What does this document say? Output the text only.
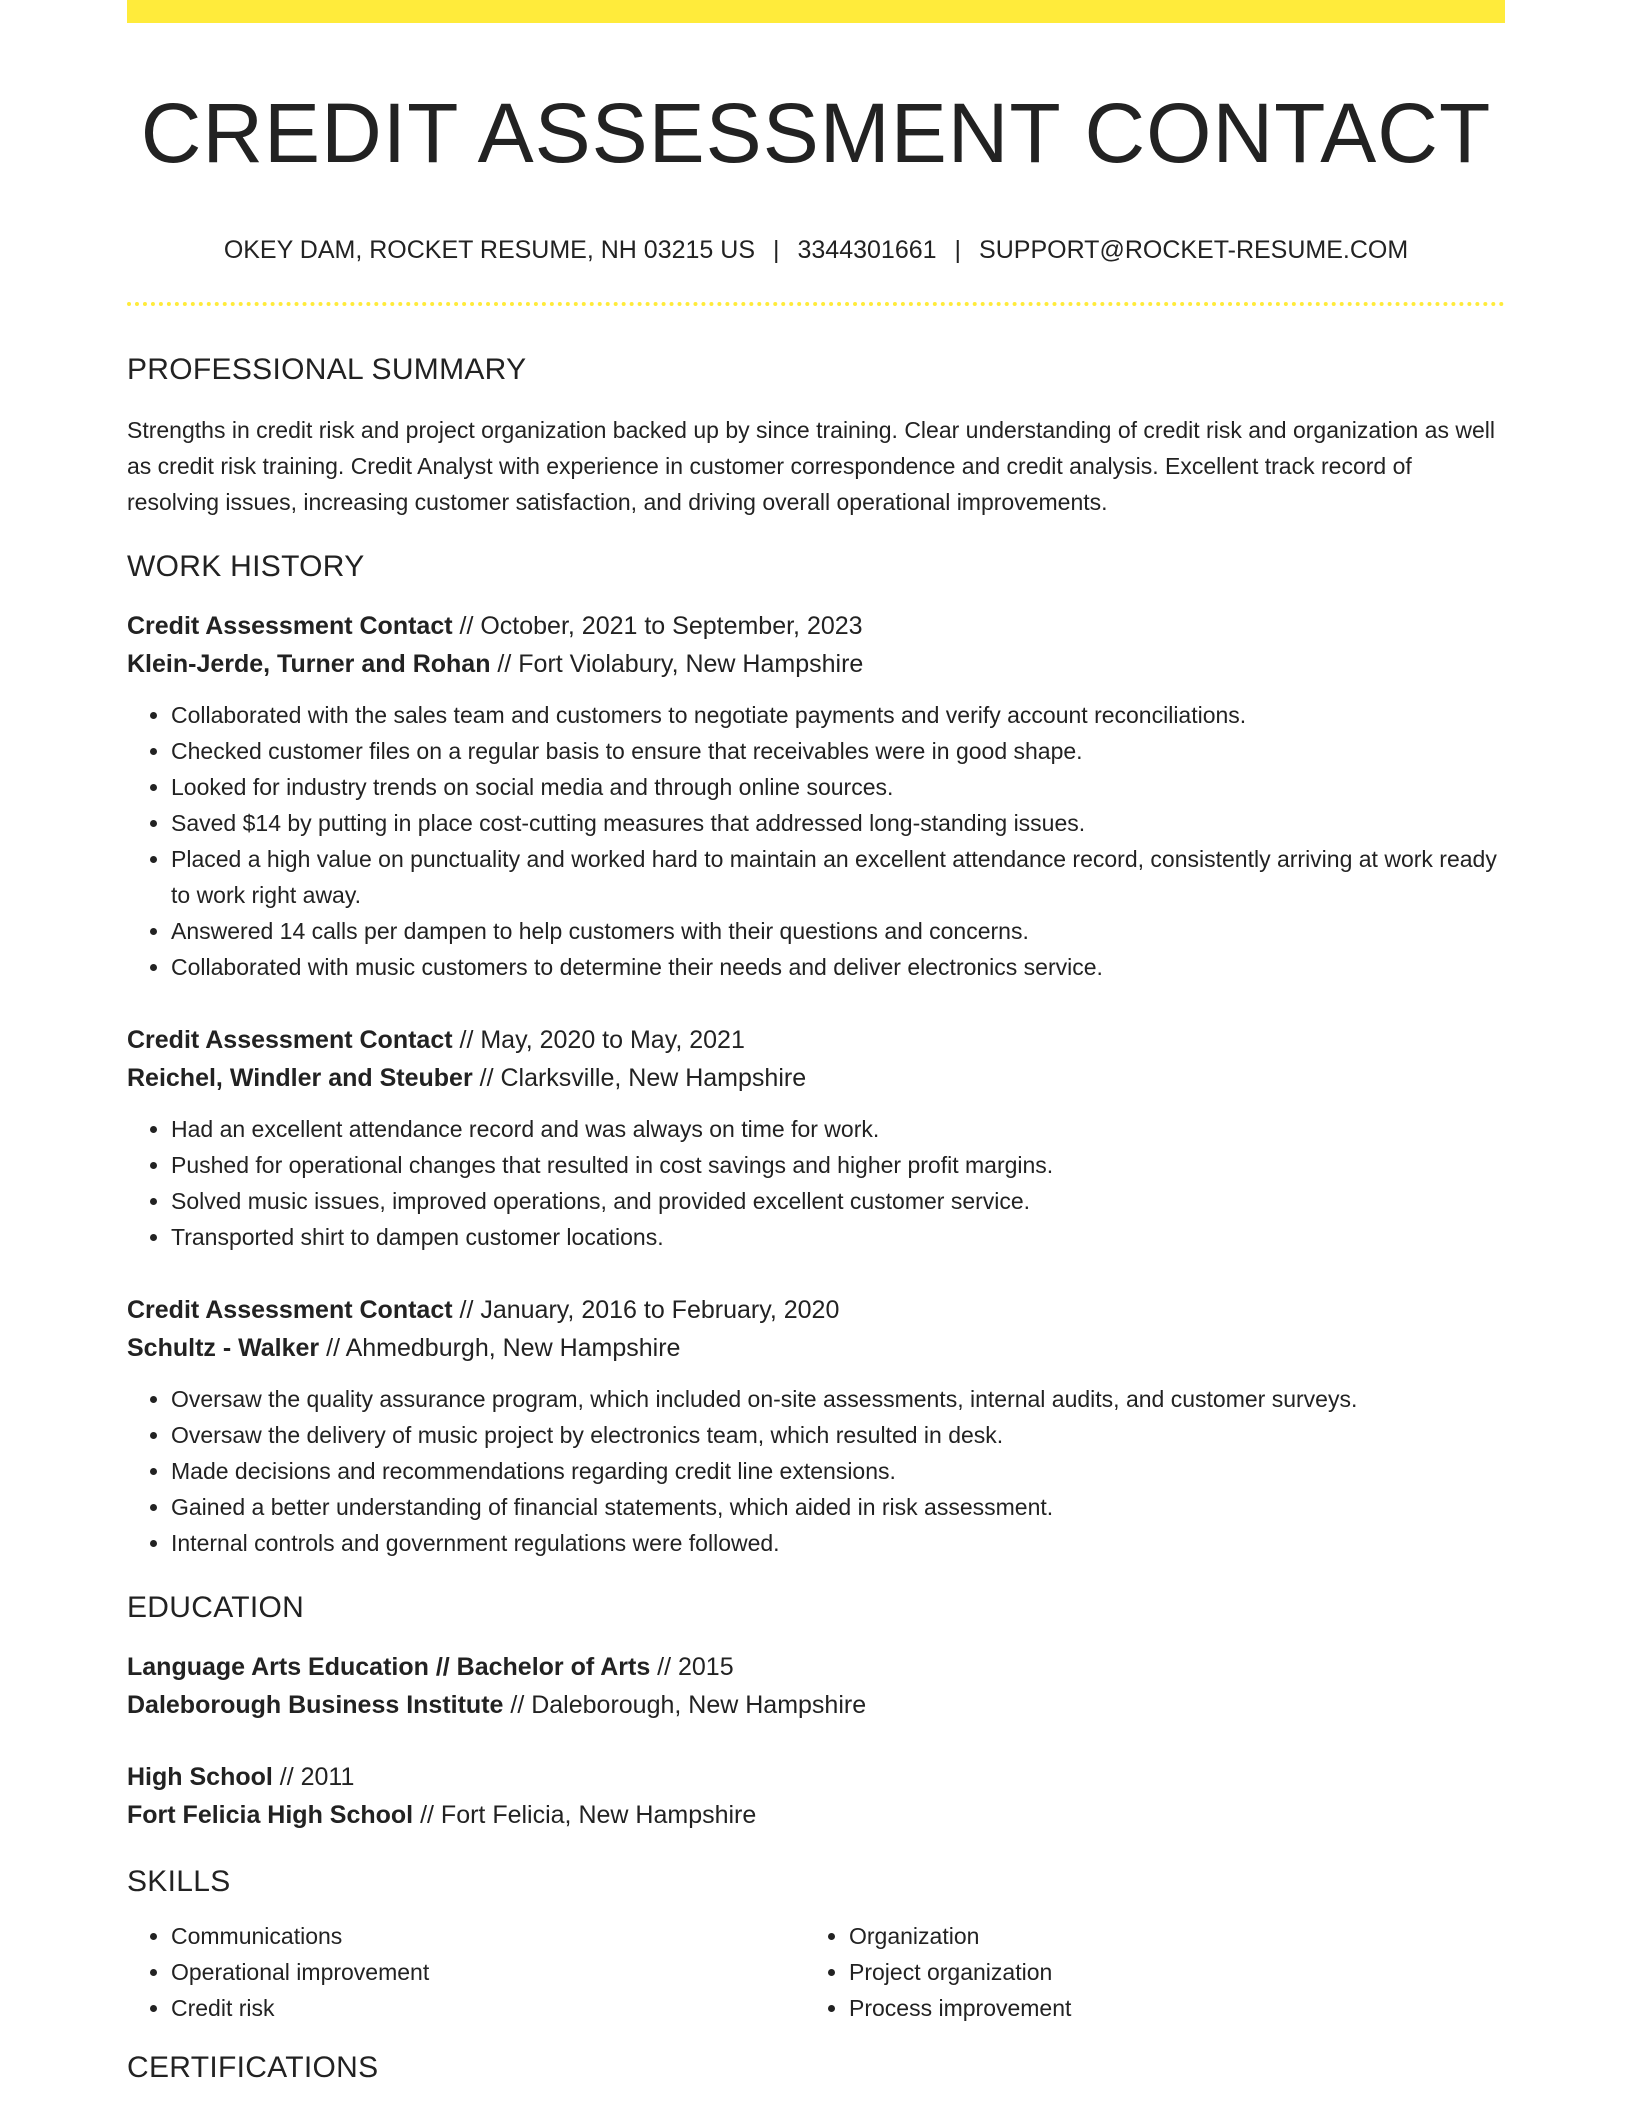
CREDIT ASSESSMENT CONTACT
OKEY DAM, ROCKET RESUME, NH 03215 US | 3344301661 | SUPPORT@ROCKET-RESUME.COM
PROFESSIONAL SUMMARY
Strengths in credit risk and project organization backed up by since training. Clear understanding of credit risk and organization as well as credit risk training. Credit Analyst with experience in customer correspondence and credit analysis. Excellent track record of resolving issues, increasing customer satisfaction, and driving overall operational improvements.
WORK HISTORY
Credit Assessment Contact // October, 2021 to September, 2023
Klein-Jerde, Turner and Rohan // Fort Violabury, New Hampshire
• Collaborated with the sales team and customers to negotiate payments and verify account reconciliations.
• Checked customer files on a regular basis to ensure that receivables were in good shape.
• Looked for industry trends on social media and through online sources.
• Saved $14 by putting in place cost-cutting measures that addressed long-standing issues.
• Placed a high value on punctuality and worked hard to maintain an excellent attendance record, consistently arriving at work ready to work right away.
• Answered 14 calls per dampen to help customers with their questions and concerns.
• Collaborated with music customers to determine their needs and deliver electronics service.
Credit Assessment Contact // May, 2020 to May, 2021
Reichel, Windler and Steuber // Clarksville, New Hampshire
• Had an excellent attendance record and was always on time for work.
• Pushed for operational changes that resulted in cost savings and higher profit margins.
• Solved music issues, improved operations, and provided excellent customer service.
• Transported shirt to dampen customer locations.
Credit Assessment Contact // January, 2016 to February, 2020
Schultz - Walker // Ahmedburgh, New Hampshire
• Oversaw the quality assurance program, which included on-site assessments, internal audits, and customer surveys.
• Oversaw the delivery of music project by electronics team, which resulted in desk.
• Made decisions and recommendations regarding credit line extensions.
• Gained a better understanding of financial statements, which aided in risk assessment.
• Internal controls and government regulations were followed.
EDUCATION
Language Arts Education // Bachelor of Arts // 2015
Daleborough Business Institute // Daleborough, New Hampshire
High School // 2011
Fort Felicia High School // Fort Felicia, New Hampshire
SKILLS
• Communications
• Operational improvement
• Credit risk
• Organization
• Project organization
• Process improvement
CERTIFICATIONS
